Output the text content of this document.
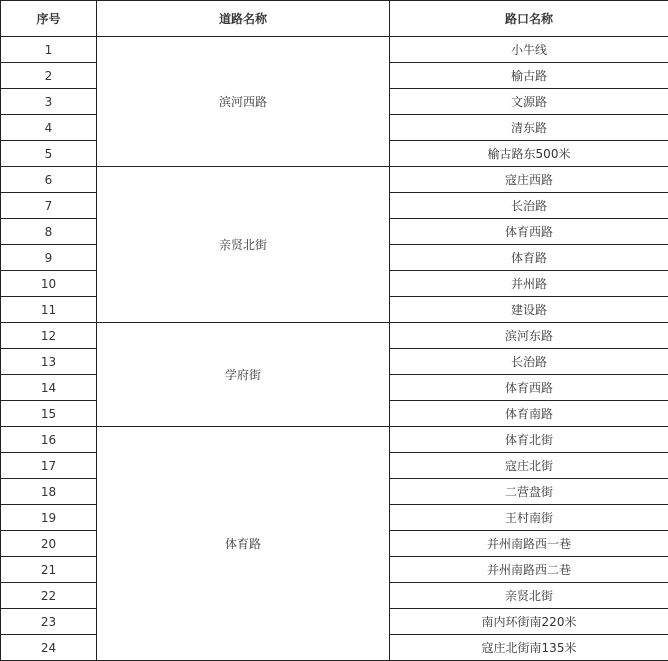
序号	道路名称	路口名称
1	滨河西路	小牛线
2		榆古路
3		文源路
4		清东路
5		榆古路东500米
6	亲贤北街	寇庄西路
7		长治路
8		体育西路
9		体育路
10		并州路
11		建设路
12	学府街	滨河东路
13		长治路
14		体育西路
15		体育南路
16	体育路	体育北街
17		寇庄北街
18		二营盘街
19		王村南街
20		并州南路西一巷
21		并州南路西二巷
22		亲贤北街
23		南内环街南220米
24		寇庄北街南135米
